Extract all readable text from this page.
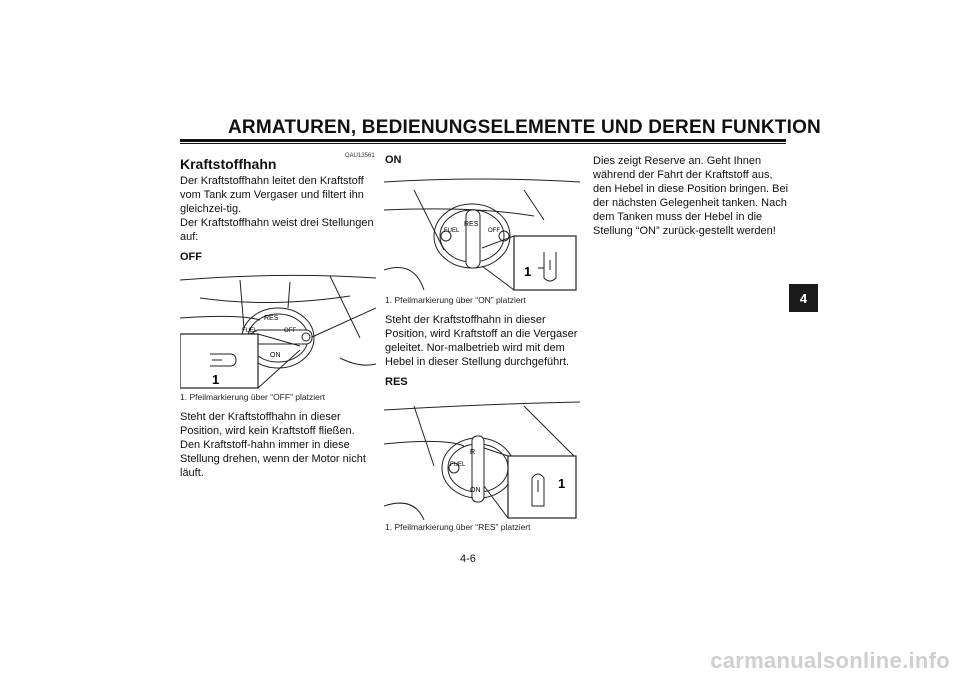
ARMATUREN, BEDIENUNGSELEMENTE UND DEREN FUNKTION
4
GAU13561
Kraftstoffhahn
Der Kraftstoffhahn leitet den Kraftstoff vom Tank zum Vergaser und filtert ihn gleichzei-tig.
Der Kraftstoffhahn weist drei Stellungen auf:
OFF
RES
FUEL	OFF
ON
1
1. Pfeilmarkierung über “OFF” platziert
Steht der Kraftstoffhahn in dieser Position, wird kein Kraftstoff fließen. Den Kraftstoff-hahn immer in diese Stellung drehen, wenn der Motor nicht läuft.
ON
RES
FUEL	OFF
1
1. Pfeilmarkierung über “ON” platziert
Steht der Kraftstoffhahn in dieser Position, wird Kraftstoff an die Vergaser geleitet. Nor-malbetrieb wird mit dem Hebel in dieser Stellung durchgeführt.
RES
R
FUEL
ON	1
1. Pfeilmarkierung über “RES” platziert
Dies zeigt Reserve an. Geht Ihnen während der Fahrt der Kraftstoff aus, den Hebel in diese Position bringen. Bei der nächsten Gelegenheit tanken. Nach dem Tanken muss der Hebel in die Stellung “ON” zurück-gestellt werden!
4-6
carmanualsonline.info
